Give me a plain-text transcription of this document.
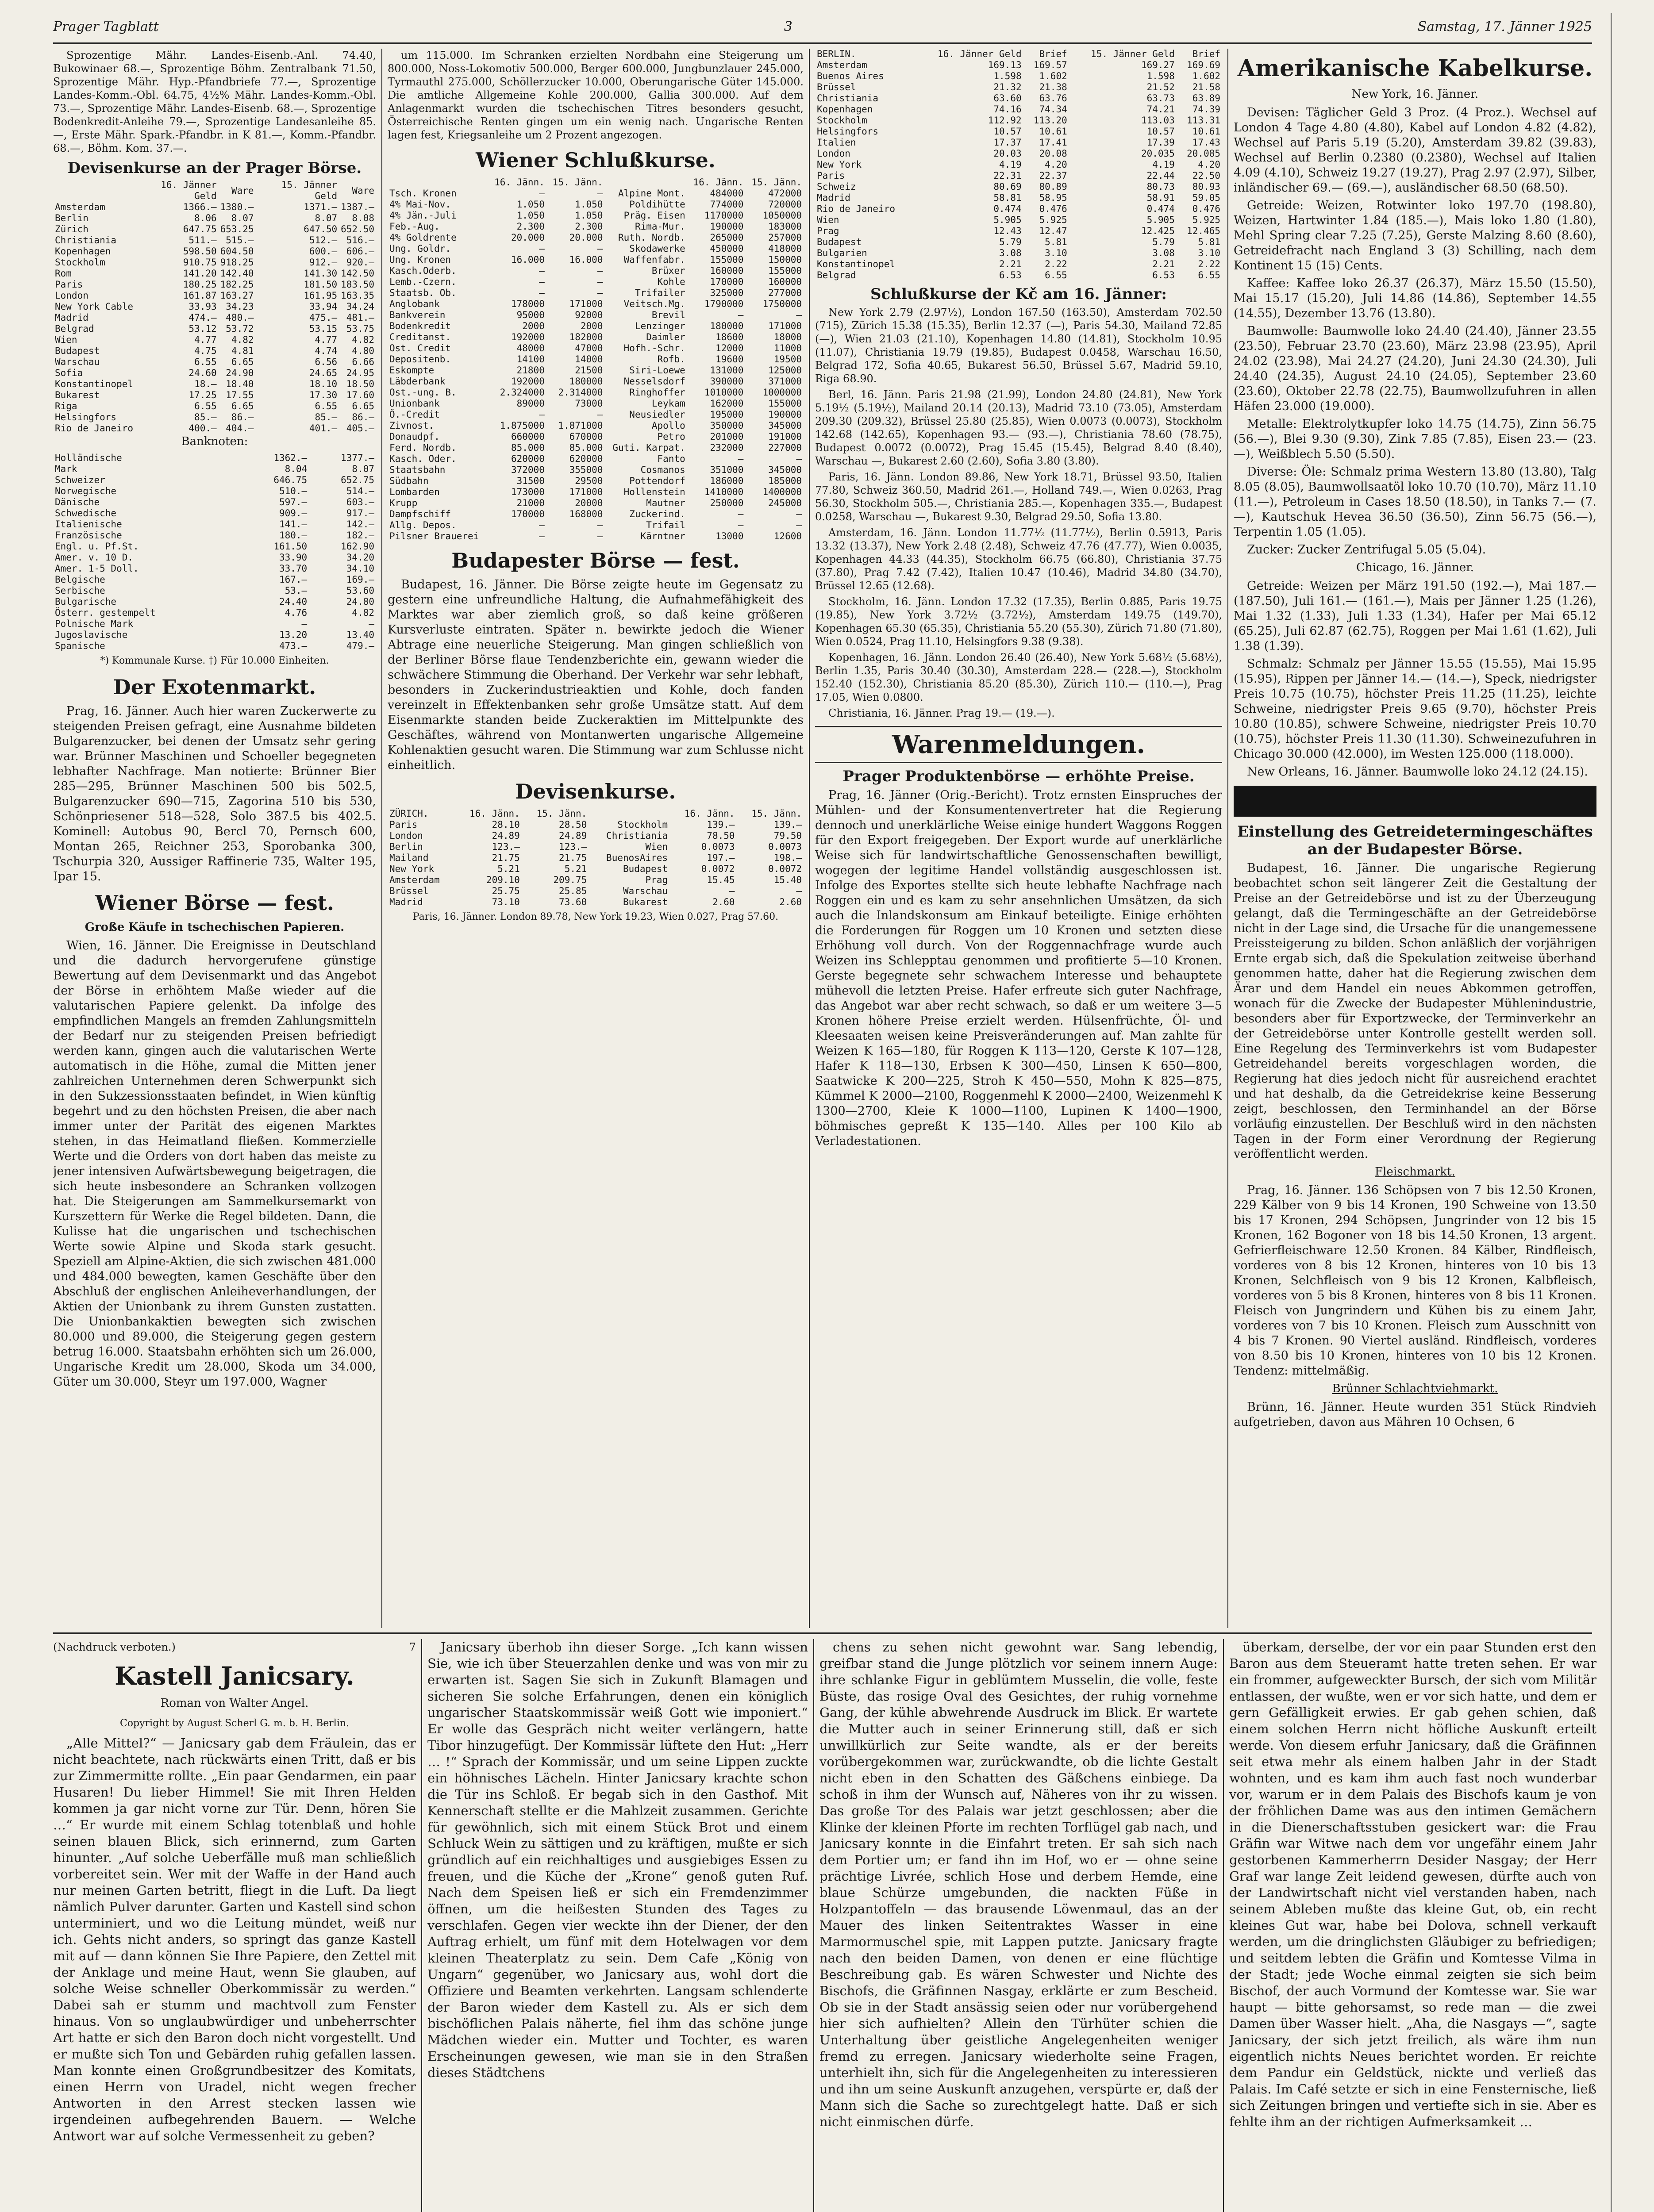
Prager Tagblatt	3	Samstag, 17. Jänner 1925

Sprozentige Mähr. Landes-Eisenb.-Anl. 74.40, Bukowinaer 68.—, Sprozentige Böhm. Zentralbank 71.50, Sprozentige Mähr. Hyp.-Pfandbriefe 77.—, Sprozentige Landes-Komm.-Obl. 64.75, 4½% Mähr. Landes-Komm.-Obl. 73.—, Sprozentige Mähr. Landes-Eisenb. 68.—, Sprozentige Bodenkredit-Anleihe 79.—, Sprozentige Landesanleihe 85.—, Erste Mähr. Spark.-Pfandbr. in K 81.—, Komm.-Pfandbr. 68.—, Böhm. Kom. 37.—.

Devisenkurse an der Prager Börse.
	16. Jänner Geld	Ware	15. Jänner Geld	Ware
Amsterdam	1366.—	1380.—	1371.—	1387.—
Berlin	8.06	8.07	8.07	8.08
Zürich	647.75	653.25	647.50	652.50
Christiania	511.—	515.—	512.—	516.—
Kopenhagen	598.50	604.50	600.—	606.—
Stockholm	910.75	918.25	912.—	920.—
Rom	141.20	142.40	141.30	142.50
Paris	180.25	182.25	181.50	183.50
London	161.87	163.27	161.95	163.35
New York Cable	33.93	34.23	33.94	34.24
Madrid	474.—	480.—	475.—	481.—
Belgrad	53.12	53.72	53.15	53.75
Wien	4.77	4.82	4.77	4.82
Budapest	4.75	4.81	4.74	4.80
Warschau	6.55	6.65	6.56	6.66
Sofia	24.60	24.90	24.65	24.95
Konstantinopel	18.—	18.40	18.10	18.50
Bukarest	17.25	17.55	17.30	17.60
Riga	6.55	6.65	6.55	6.65
Helsingfors	85.—	86.—	85.—	86.—
Rio de Janeiro	400.—	404.—	401.—	405.—
Banknoten:
Holländische	1362.—	1377.—
Mark	8.04	8.07
Schweizer	646.75	652.75
Norwegische	510.—	514.—
Dänische	597.—	603.—
Schwedische	909.—	917.—
Italienische	141.—	142.—
Französische	180.—	182.—
Engl. u. Pf.St.	161.50	162.90
Amer. v. 10 D.	33.90	34.20
Amer. 1-5 Doll.	33.70	34.10
Belgische	167.—	169.—
Serbische	53.—	53.60
Bulgarische	24.40	24.80
Österr. gestempelt	4.76	4.82
Polnische Mark	—	—
Jugoslavische	13.20	13.40
Spanische	473.—	479.—
*) Kommunale Kurse. †) Für 10.000 Einheiten.
Der Exotenmarkt.

Prag, 16. Jänner. Auch hier waren Zuckerwerte zu steigenden Preisen gefragt, eine Ausnahme bildeten Bulgarenzucker, bei denen der Umsatz sehr gering war. Brünner Maschinen und Schoeller begegneten lebhafter Nachfrage. Man notierte: Brünner Bier 285—295, Brünner Maschinen 500 bis 502.5, Bulgarenzucker 690—715, Zagorina 510 bis 530, Schönpriesener 518—528, Solo 387.5 bis 402.5. Kominell: Autobus 90, Bercl 70, Pernsch 600, Montan 265, Reichner 253, Sporobanka 300, Tschurpia 320, Aussiger Raffinerie 735, Walter 195, Ipar 15.

Wiener Börse — fest.
Große Käufe in tschechischen Papieren.

Wien, 16. Jänner. Die Ereignisse in Deutschland und die dadurch hervorgerufene günstige Bewertung auf dem Devisenmarkt und das Angebot der Börse in erhöhtem Maße wieder auf die valutarischen Papiere gelenkt. Da infolge des empfindlichen Mangels an fremden Zahlungsmitteln der Bedarf nur zu steigenden Preisen befriedigt werden kann, gingen auch die valutarischen Werte automatisch in die Höhe, zumal die Mitten jener zahlreichen Unternehmen deren Schwerpunkt sich in den Sukzessionsstaaten befindet, in Wien künftig begehrt und zu den höchsten Preisen, die aber nach immer unter der Parität des eigenen Marktes stehen, in das Heimatland fließen. Kommerzielle Werte und die Orders von dort haben das meiste zu jener intensiven Aufwärtsbewegung beigetragen, die sich heute insbesondere an Schranken vollzogen hat. Die Steigerungen am Sammelkursemarkt von Kurszettern für Werke die Regel bildeten. Dann, die Kulisse hat die ungarischen und tschechischen Werte sowie Alpine und Skoda stark gesucht. Speziell am Alpine-Aktien, die sich zwischen 481.000 und 484.000 bewegten, kamen Geschäfte über den Abschluß der englischen Anleiheverhandlungen, der Aktien der Unionbank zu ihrem Gunsten zustatten. Die Unionbankaktien bewegten sich zwischen 80.000 und 89.000, die Steigerung gegen gestern betrug 16.000. Staatsbahn erhöhten sich um 26.000, Ungarische Kredit um 28.000, Skoda um 34.000, Güter um 30.000, Steyr um 197.000, Wagner

um 115.000. Im Schranken erzielten Nordbahn eine Steigerung um 800.000, Noss-Lokomotiv 500.000, Berger 600.000, Jungbunzlauer 245.000, Tyrmauthl 275.000, Schöllerzucker 10.000, Oberungarische Güter 145.000. Die amtliche Allgemeine Kohle 200.000, Gallia 300.000. Auf dem Anlagenmarkt wurden die tschechischen Titres besonders gesucht, Österreichische Renten gingen um ein wenig nach. Ungarische Renten lagen fest, Kriegsanleihe um 2 Prozent angezogen.

Wiener Schlußkurse.
	16. Jänn.	15. Jänn.		16. Jänn.	15. Jänn.
Tsch. Kronen	—	—	Alpine Mont.	484000	472000
4% Mai-Nov.	1.050	1.050	Poldihütte	774000	720000
4% Jän.-Juli	1.050	1.050	Präg. Eisen	1170000	1050000
Feb.-Aug.	2.300	2.300	Rima-Mur.	190000	183000
4% Goldrente	20.000	20.000	Ruth. Nordb.	265000	257000
Ung. Goldr.	—	—	Skodawerke	450000	418000
Ung. Kronen	16.000	16.000	Waffenfabr.	155000	150000
Kasch.Oderb.	—	—	Brüxer	160000	155000
Lemb.-Czern.	—	—	Kohle	170000	160000
Staatsb. Ob.	—	—	Trifailer	325000	277000
Anglobank	178000	171000	Veitsch.Mg.	1790000	1750000
Bankverein	95000	92000	Brevil	—	—
Bodenkredit	2000	2000	Lenzinger	180000	171000
Creditanst.	192000	182000	Daimler	18600	18000
Ost. Credit	48000	47000	Hofh.-Schr.	12000	11000
Depositenb.	14100	14000	Rofb.	19600	19500
Eskompte	21800	21500	Siri-Loewe	131000	125000
Läbderbank	192000	180000	Nesselsdorf	390000	371000
Ost.-ung. B.	2.324000	2.314000	Ringhoffer	1010000	1000000
Unionbank	89000	73000	Leykam	162000	155000
Ö.-Credit	—	—	Neusiedler	195000	190000
Zivnost.	1.875000	1.871000	Apollo	350000	345000
Donaudpf.	660000	670000	Petro	201000	191000
Ferd. Nordb.	85.000	85.000	Guti. Karpat.	232000	227000
Kasch. Oder.	620000	620000	Fanto	—	—
Staatsbahn	372000	355000	Cosmanos	351000	345000
Südbahn	31500	29500	Pottendorf	186000	185000
Lombarden	173000	171000	Hollenstein	1410000	1400000
Krupp	21000	20000	Mautner	250000	245000
Dampfschiff	170000	168000	Zuckerind.	—	—
Allg. Depos.	—	—	Trifail	—	—
Pilsner Brauerei	—	—	Kärntner	13000	12600
Budapester Börse — fest.

Budapest, 16. Jänner. Die Börse zeigte heute im Gegensatz zu gestern eine unfreundliche Haltung, die Aufnahmefähigkeit des Marktes war aber ziemlich groß, so daß keine größeren Kursverluste eintraten. Später n. bewirkte jedoch die Wiener Abtrage eine neuerliche Steigerung. Man gingen schließlich von der Berliner Börse flaue Tendenzberichte ein, gewann wieder die schwächere Stimmung die Oberhand. Der Verkehr war sehr lebhaft, besonders in Zuckerindustrieaktien und Kohle, doch fanden vereinzelt in Effektenbanken sehr große Umsätze statt. Auf dem Eisenmarkte standen beide Zuckeraktien im Mittelpunkte des Geschäftes, während von Montanwerten ungarische Allgemeine Kohlenaktien gesucht waren. Die Stimmung war zum Schlusse nicht einheitlich.

Devisenkurse.
ZÜRICH.	16. Jänn.	15. Jänn.		16. Jänn.	15. Jänn.
Paris	28.10	28.50	Stockholm	139.—	139.—
London	24.89	24.89	Christiania	78.50	79.50
Berlin	123.—	123.—	Wien	0.0073	0.0073
Mailand	21.75	21.75	BuenosAires	197.—	198.—
New York	5.21	5.21	Budapest	0.0072	0.0072
Amsterdam	209.10	209.75	Prag	15.45	15.40
Brüssel	25.75	25.85	Warschau	—	—
Madrid	73.10	73.60	Bukarest	2.60	2.60
Paris, 16. Jänner. London 89.78, New York 19.23, Wien 0.027, Prag 57.60.
BERLIN.	16. Jänner Geld	Brief	15. Jänner Geld	Brief
Amsterdam	169.13	169.57	169.27	169.69
Buenos Aires	1.598	1.602	1.598	1.602
Brüssel	21.32	21.38	21.52	21.58
Christiania	63.60	63.76	63.73	63.89
Kopenhagen	74.16	74.34	74.21	74.39
Stockholm	112.92	113.20	113.03	113.31
Helsingfors	10.57	10.61	10.57	10.61
Italien	17.37	17.41	17.39	17.43
London	20.03	20.08	20.035	20.085
New York	4.19	4.20	4.19	4.20
Paris	22.31	22.37	22.44	22.50
Schweiz	80.69	80.89	80.73	80.93
Madrid	58.81	58.95	58.91	59.05
Rio de Janeiro	0.474	0.476	0.474	0.476
Wien	5.905	5.925	5.905	5.925
Prag	12.43	12.47	12.425	12.465
Budapest	5.79	5.81	5.79	5.81
Bulgarien	3.08	3.10	3.08	3.10
Konstantinopel	2.21	2.22	2.21	2.22
Belgrad	6.53	6.55	6.53	6.55
Schlußkurse der Kč am 16. Jänner:

New York 2.79 (2.97½), London 167.50 (163.50), Amsterdam 702.50 (715), Zürich 15.38 (15.35), Berlin 12.37 (—), Paris 54.30, Mailand 72.85 (—), Wien 21.03 (21.10), Kopenhagen 14.80 (14.81), Stockholm 10.95 (11.07), Christiania 19.79 (19.85), Budapest 0.0458, Warschau 16.50, Belgrad 172, Sofia 40.65, Bukarest 56.50, Brüssel 5.67, Madrid 59.10, Riga 68.90.

Berl, 16. Jänn. Paris 21.98 (21.99), London 24.80 (24.81), New York 5.19½ (5.19½), Mailand 20.14 (20.13), Madrid 73.10 (73.05), Amsterdam 209.30 (209.32), Brüssel 25.80 (25.85), Wien 0.0073 (0.0073), Stockholm 142.68 (142.65), Kopenhagen 93.— (93.—), Christiania 78.60 (78.75), Budapest 0.0072 (0.0072), Prag 15.45 (15.45), Belgrad 8.40 (8.40), Warschau —, Bukarest 2.60 (2.60), Sofia 3.80 (3.80).

Paris, 16. Jänn. London 89.86, New York 18.71, Brüssel 93.50, Italien 77.80, Schweiz 360.50, Madrid 261.—, Holland 749.—, Wien 0.0263, Prag 56.30, Stockholm 505.—, Christiania 285.—, Kopenhagen 335.—, Budapest 0.0258, Warschau —, Bukarest 9.30, Belgrad 29.50, Sofia 13.80.

Amsterdam, 16. Jänn. London 11.77½ (11.77½), Berlin 0.5913, Paris 13.32 (13.37), New York 2.48 (2.48), Schweiz 47.76 (47.77), Wien 0.0035, Kopenhagen 44.33 (44.35), Stockholm 66.75 (66.80), Christiania 37.75 (37.80), Prag 7.42 (7.42), Italien 10.47 (10.46), Madrid 34.80 (34.70), Brüssel 12.65 (12.68).

Stockholm, 16. Jänn. London 17.32 (17.35), Berlin 0.885, Paris 19.75 (19.85), New York 3.72½ (3.72½), Amsterdam 149.75 (149.70), Kopenhagen 65.30 (65.35), Christiania 55.20 (55.30), Zürich 71.80 (71.80), Wien 0.0524, Prag 11.10, Helsingfors 9.38 (9.38).

Kopenhagen, 16. Jänn. London 26.40 (26.40), New York 5.68½ (5.68½), Berlin 1.35, Paris 30.40 (30.30), Amsterdam 228.— (228.—), Stockholm 152.40 (152.30), Christiania 85.20 (85.30), Zürich 110.— (110.—), Prag 17.05, Wien 0.0800.

Christiania, 16. Jänner. Prag 19.— (19.—).

Warenmeldungen.
Prager Produktenbörse — erhöhte Preise.

Prag, 16. Jänner (Orig.-Bericht). Trotz ernsten Einspruches der Mühlen- und der Konsumentenvertreter hat die Regierung dennoch und unerklärliche Weise einige hundert Waggons Roggen für den Export freigegeben. Der Export wurde auf unerklärliche Weise sich für landwirtschaftliche Genossenschaften bewilligt, wogegen der legitime Handel vollständig ausgeschlossen ist. Infolge des Exportes stellte sich heute lebhafte Nachfrage nach Roggen ein und es kam zu sehr ansehnlichen Umsätzen, da sich auch die Inlandskonsum am Einkauf beteiligte. Einige erhöhten die Forderungen für Roggen um 10 Kronen und setzten diese Erhöhung voll durch. Von der Roggennachfrage wurde auch Weizen ins Schlepptau genommen und profitierte 5—10 Kronen. Gerste begegnete sehr schwachem Interesse und behauptete mühevoll die letzten Preise. Hafer erfreute sich guter Nachfrage, das Angebot war aber recht schwach, so daß er um weitere 3—5 Kronen höhere Preise erzielt werden. Hülsenfrüchte, Öl- und Kleesaaten weisen keine Preisveränderungen auf. Man zahlte für Weizen K 165—180, für Roggen K 113—120, Gerste K 107—128, Hafer K 118—130, Erbsen K 300—450, Linsen K 650—800, Saatwicke K 200—225, Stroh K 450—550, Mohn K 825—875, Kümmel K 2000—2100, Roggenmehl K 2000—2400, Weizenmehl K 1300—2700, Kleie K 1000—1100, Lupinen K 1400—1900, böhmisches gepreßt K 135—140. Alles per 100 Kilo ab Verladestationen.

Amerikanische Kabelkurse.
New York, 16. Jänner.

Devisen: Täglicher Geld 3 Proz. (4 Proz.). Wechsel auf London 4 Tage 4.80 (4.80), Kabel auf London 4.82 (4.82), Wechsel auf Paris 5.19 (5.20), Amsterdam 39.82 (39.83), Wechsel auf Berlin 0.2380 (0.2380), Wechsel auf Italien 4.09 (4.10), Schweiz 19.27 (19.27), Prag 2.97 (2.97), Silber, inländischer 69.— (69.—), ausländischer 68.50 (68.50).

Getreide: Weizen, Rotwinter loko 197.70 (198.80), Weizen, Hartwinter 1.84 (185.—), Mais loko 1.80 (1.80), Mehl Spring clear 7.25 (7.25), Gerste Malzing 8.60 (8.60), Getreidefracht nach England 3 (3) Schilling, nach dem Kontinent 15 (15) Cents.

Kaffee: Kaffee loko 26.37 (26.37), März 15.50 (15.50), Mai 15.17 (15.20), Juli 14.86 (14.86), September 14.55 (14.55), Dezember 13.76 (13.80).

Baumwolle: Baumwolle loko 24.40 (24.40), Jänner 23.55 (23.50), Februar 23.70 (23.60), März 23.98 (23.95), April 24.02 (23.98), Mai 24.27 (24.20), Juni 24.30 (24.30), Juli 24.40 (24.35), August 24.10 (24.05), September 23.60 (23.60), Oktober 22.78 (22.75), Baumwollzufuhren in allen Häfen 23.000 (19.000).

Metalle: Elektrolytkupfer loko 14.75 (14.75), Zinn 56.75 (56.—), Blei 9.30 (9.30), Zink 7.85 (7.85), Eisen 23.— (23.—), Weißblech 5.50 (5.50).

Diverse: Öle: Schmalz prima Western 13.80 (13.80), Talg 8.05 (8.05), Baumwollsaatöl loko 10.70 (10.70), März 11.10 (11.—), Petroleum in Cases 18.50 (18.50), in Tanks 7.— (7.—), Kautschuk Hevea 36.50 (36.50), Zinn 56.75 (56.—), Terpentin 1.05 (1.05).

Zucker: Zucker Zentrifugal 5.05 (5.04).

Chicago, 16. Jänner.

Getreide: Weizen per März 191.50 (192.—), Mai 187.— (187.50), Juli 161.— (161.—), Mais per Jänner 1.25 (1.26), Mai 1.32 (1.33), Juli 1.33 (1.34), Hafer per Mai 65.12 (65.25), Juli 62.87 (62.75), Roggen per Mai 1.61 (1.62), Juli 1.38 (1.39).

Schmalz: Schmalz per Jänner 15.55 (15.55), Mai 15.95 (15.95), Rippen per Jänner 14.— (14.—), Speck, niedrigster Preis 10.75 (10.75), höchster Preis 11.25 (11.25), leichte Schweine, niedrigster Preis 9.65 (9.70), höchster Preis 10.80 (10.85), schwere Schweine, niedrigster Preis 10.70 (10.75), höchster Preis 11.30 (11.30). Schweinezufuhren in Chicago 30.000 (42.000), im Westen 125.000 (118.000).

New Orleans, 16. Jänner. Baumwolle loko 24.12 (24.15).

Einstellung des Getreidetermingeschäftes an der Budapester Börse.

Budapest, 16. Jänner. Die ungarische Regierung beobachtet schon seit längerer Zeit die Gestaltung der Preise an der Getreidebörse und ist zu der Überzeugung gelangt, daß die Termingeschäfte an der Getreidebörse nicht in der Lage sind, die Ursache für die unangemessene Preissteigerung zu bilden. Schon anläßlich der vorjährigen Ernte ergab sich, daß die Spekulation zeitweise überhand genommen hatte, daher hat die Regierung zwischen dem Ärar und dem Handel ein neues Abkommen getroffen, wonach für die Zwecke der Budapester Mühlenindustrie, besonders aber für Exportzwecke, der Terminverkehr an der Getreidebörse unter Kontrolle gestellt werden soll. Eine Regelung des Terminverkehrs ist vom Budapester Getreidehandel bereits vorgeschlagen worden, die Regierung hat dies jedoch nicht für ausreichend erachtet und hat deshalb, da die Getreidekrise keine Besserung zeigt, beschlossen, den Terminhandel an der Börse vorläufig einzustellen. Der Beschluß wird in den nächsten Tagen in der Form einer Verordnung der Regierung veröffentlicht werden.

Fleischmarkt.

Prag, 16. Jänner. 136 Schöpsen von 7 bis 12.50 Kronen, 229 Kälber von 9 bis 14 Kronen, 190 Schweine von 13.50 bis 17 Kronen, 294 Schöpsen, Jungrinder von 12 bis 15 Kronen, 162 Bogoner von 18 bis 14.50 Kronen, 13 argent. Gefrierfleischware 12.50 Kronen. 84 Kälber, Rindfleisch, vorderes von 8 bis 12 Kronen, hinteres von 10 bis 13 Kronen, Selchfleisch von 9 bis 12 Kronen, Kalbfleisch, vorderes von 5 bis 8 Kronen, hinteres von 8 bis 11 Kronen. Fleisch von Jungrindern und Kühen bis zu einem Jahr, vorderes von 7 bis 10 Kronen. Fleisch zum Ausschnitt von 4 bis 7 Kronen. 90 Viertel ausländ. Rindfleisch, vorderes von 8.50 bis 10 Kronen, hinteres von 10 bis 12 Kronen. Tendenz: mittelmäßig.

Brünner Schlachtviehmarkt.

Brünn, 16. Jänner. Heute wurden 351 Stück Rindvieh aufgetrieben, davon aus Mähren 10 Ochsen, 6

(Nachdruck verboten.)	7
Kastell Janicsary.
Roman von Walter Angel.
Copyright by August Scherl G. m. b. H. Berlin.

„Alle Mittel?“ — Janicsary gab dem Fräulein, das er nicht beachtete, nach rückwärts einen Tritt, daß er bis zur Zimmermitte rollte. „Ein paar Gendarmen, ein paar Husaren! Du lieber Himmel! Sie mit Ihren Helden kommen ja gar nicht vorne zur Tür. Denn, hören Sie …“ Er wurde mit einem Schlag totenblaß und hohle seinen blauen Blick, sich erinnernd, zum Garten hinunter. „Auf solche Ueberfälle muß man schließlich vorbereitet sein. Wer mit der Waffe in der Hand auch nur meinen Garten betritt, fliegt in die Luft. Da liegt nämlich Pulver darunter. Garten und Kastell sind schon unterminiert, und wo die Leitung mündet, weiß nur ich. Gehts nicht anders, so springt das ganze Kastell mit auf — dann können Sie Ihre Papiere, den Zettel mit der Anklage und meine Haut, wenn Sie glauben, auf solche Weise schneller Oberkommissär zu werden.“ Dabei sah er stumm und machtvoll zum Fenster hinaus. Von so unglaubwürdiger und unbeherrschter Art hatte er sich den Baron doch nicht vorgestellt. Und er mußte sich Ton und Gebärden ruhig gefallen lassen. Man konnte einen Großgrundbesitzer des Komitats, einen Herrn von Uradel, nicht wegen frecher Antworten in den Arrest stecken lassen wie irgendeinen aufbegehrenden Bauern. — Welche Antwort war auf solche Vermessenheit zu geben?

Janicsary überhob ihn dieser Sorge. „Ich kann wissen Sie, wie ich über Steuerzahlen denke und was von mir zu erwarten ist. Sagen Sie sich in Zukunft Blamagen und sicheren Sie solche Erfahrungen, denen ein königlich ungarischer Staatskommissär weiß Gott wie imponiert.“ Er wolle das Gespräch nicht weiter verlängern, hatte Tibor hinzugefügt. Der Kommissär lüftete den Hut: „Herr … !“ Sprach der Kommissär, und um seine Lippen zuckte ein höhnisches Lächeln. Hinter Janicsary krachte schon die Tür ins Schloß. Er begab sich in den Gasthof. Mit Kennerschaft stellte er die Mahlzeit zusammen. Gerichte für gewöhnlich, sich mit einem Stück Brot und einem Schluck Wein zu sättigen und zu kräftigen, mußte er sich gründlich auf ein reichhaltiges und ausgiebiges Essen zu freuen, und die Küche der „Krone“ genoß guten Ruf. Nach dem Speisen ließ er sich ein Fremdenzimmer öffnen, um die heißesten Stunden des Tages zu verschlafen. Gegen vier weckte ihn der Diener, der den Auftrag erhielt, um fünf mit dem Hotelwagen vor dem kleinen Theaterplatz zu sein. Dem Cafe „König von Ungarn“ gegenüber, wo Janicsary aus, wohl dort die Offiziere und Beamten verkehrten. Langsam schlenderte der Baron wieder dem Kastell zu. Als er sich dem bischöflichen Palais näherte, fiel ihm das schöne junge Mädchen wieder ein. Mutter und Tochter, es waren Erscheinungen gewesen, wie man sie in den Straßen dieses Städtchens

chens zu sehen nicht gewohnt war. Sang lebendig, greifbar stand die Junge plötzlich vor seinem innern Auge: ihre schlanke Figur in geblümtem Musselin, die volle, feste Büste, das rosige Oval des Gesichtes, der ruhig vornehme Gang, der kühle abwehrende Ausdruck im Blick. Er wartete die Mutter auch in seiner Erinnerung still, daß er sich unwillkürlich zur Seite wandte, als er der bereits vorübergekommen war, zurückwandte, ob die lichte Gestalt nicht eben in den Schatten des Gäßchens einbiege. Da schoß in ihm der Wunsch auf, Näheres von ihr zu wissen. Das große Tor des Palais war jetzt geschlossen; aber die Klinke der kleinen Pforte im rechten Torflügel gab nach, und Janicsary konnte in die Einfahrt treten. Er sah sich nach dem Portier um; er fand ihn im Hof, wo er — ohne seine prächtige Livrée, schlich Hose und derbem Hemde, eine blaue Schürze umgebunden, die nackten Füße in Holzpantoffeln — das brausende Löwenmaul, das an der Mauer des linken Seitentraktes Wasser in eine Marmormuschel spie, mit Lappen putzte. Janicsary fragte nach den beiden Damen, von denen er eine flüchtige Beschreibung gab. Es wären Schwester und Nichte des Bischofs, die Gräfinnen Nasgay, erklärte er zum Bescheid. Ob sie in der Stadt ansässig seien oder nur vorübergehend hier sich aufhielten? Allein den Türhüter schien die Unterhaltung über geistliche Angelegenheiten weniger fremd zu erregen. Janicsary wiederholte seine Fragen, unterhielt ihn, sich für die Angelegenheiten zu interessieren und ihn um seine Auskunft anzugehen, verspürte er, daß der Mann sich die Sache so zurechtgelegt hatte. Daß er sich nicht einmischen dürfe.

überkam, derselbe, der vor ein paar Stunden erst den Baron aus dem Steueramt hatte treten sehen. Er war ein frommer, aufgeweckter Bursch, der sich vom Militär entlassen, der wußte, wen er vor sich hatte, und dem er gern Gefälligkeit erwies. Er gab gehen schien, daß einem solchen Herrn nicht höfliche Auskunft erteilt werde. Von diesem erfuhr Janicsary, daß die Gräfinnen seit etwa mehr als einem halben Jahr in der Stadt wohnten, und es kam ihm auch fast noch wunderbar vor, warum er in dem Palais des Bischofs kaum je von der fröhlichen Dame was aus den intimen Gemächern in die Dienerschaftsstuben gesickert war: die Frau Gräfin war Witwe nach dem vor ungefähr einem Jahr gestorbenen Kammerherrn Desider Nasgay; der Herr Graf war lange Zeit leidend gewesen, dürfte auch von der Landwirtschaft nicht viel verstanden haben, nach seinem Ableben mußte das kleine Gut, ob, ein recht kleines Gut war, habe bei Dolova, schnell verkauft werden, um die dringlichsten Gläubiger zu befriedigen; und seitdem lebten die Gräfin und Komtesse Vilma in der Stadt; jede Woche einmal zeigten sie sich beim Bischof, der auch Vormund der Komtesse war. Sie war haupt — bitte gehorsamst, so rede man — die zwei Damen über Wasser hielt. „Aha, die Nasgays —“, sagte Janicsary, der sich jetzt freilich, als wäre ihm nun eigentlich nichts Neues berichtet worden. Er reichte dem Pandur ein Geldstück, nickte und verließ das Palais. Im Café setzte er sich in eine Fensternische, ließ sich Zeitungen bringen und vertiefte sich in sie. Aber es fehlte ihm an der richtigen Aufmerksamkeit …
